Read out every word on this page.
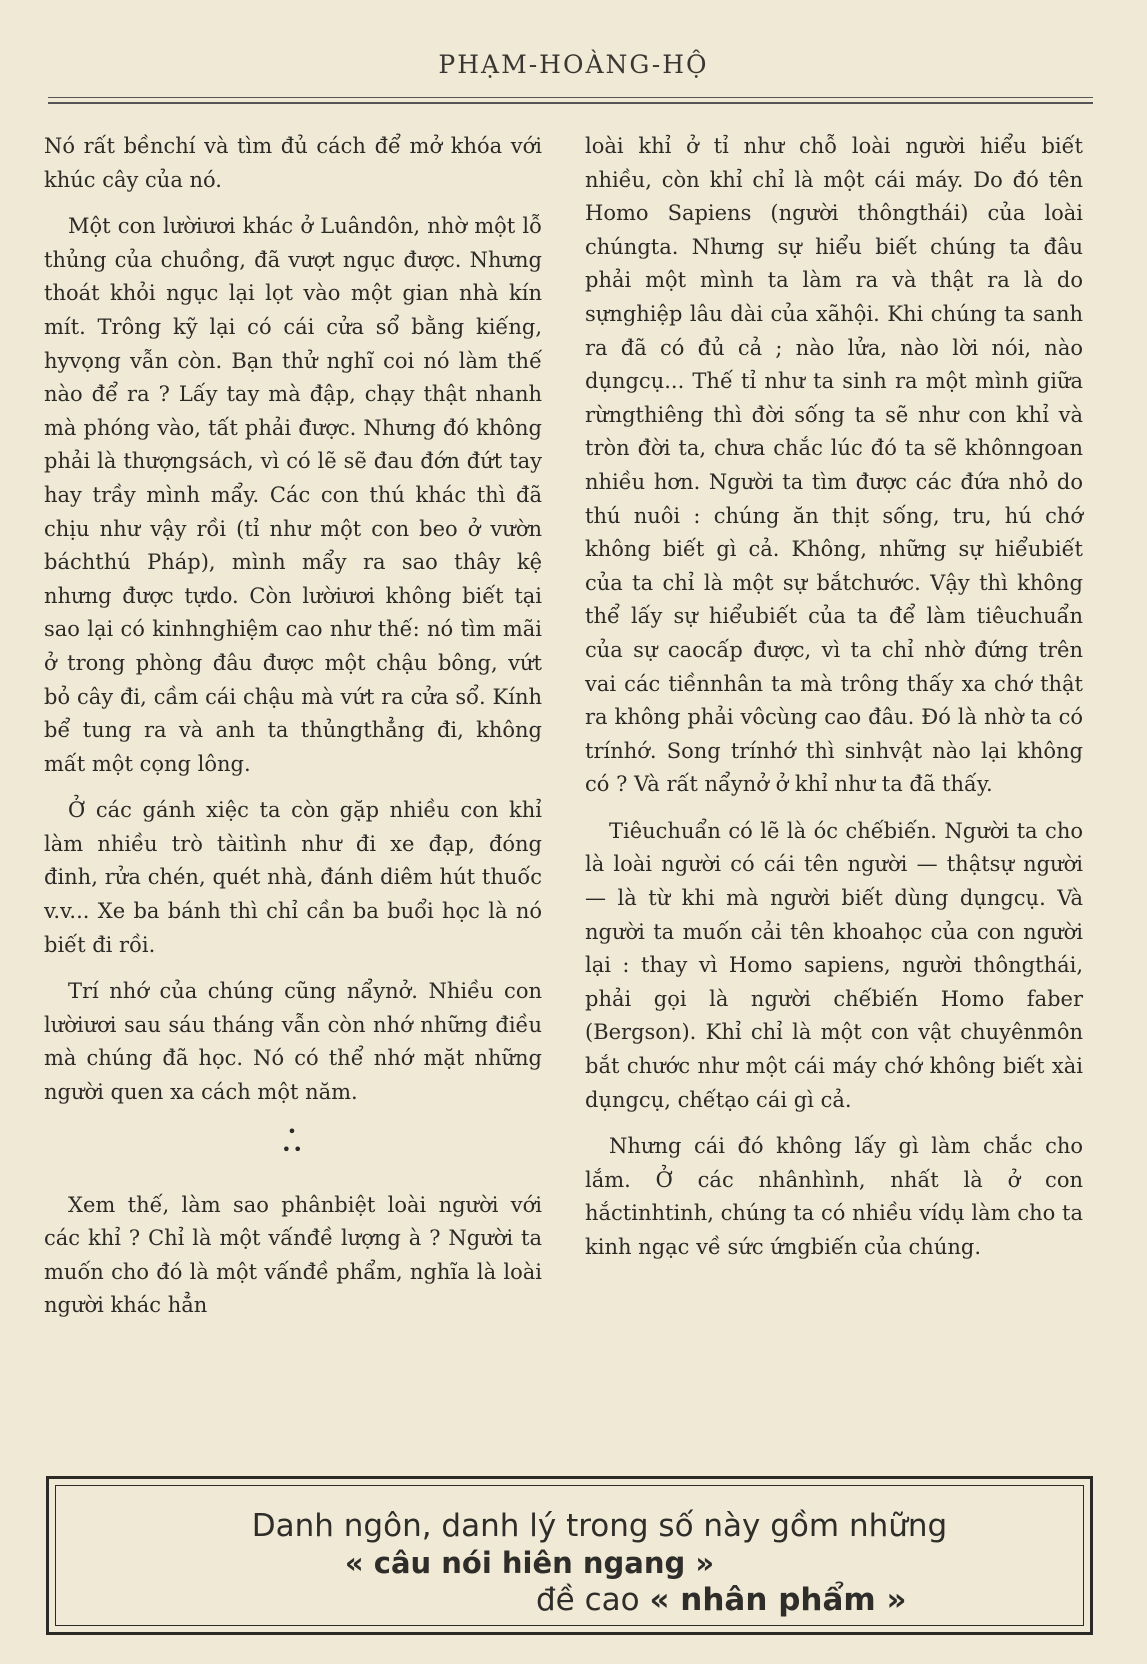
PHẠM-HOÀNG-HỘ

Nó rất bềnchí và tìm đủ cách để mở khóa với khúc cây của nó.

Một con lườiươi khác ở Luândôn, nhờ một lỗ thủng của chuồng, đã vượt ngục được. Nhưng thoát khỏi ngục lại lọt vào một gian nhà kín mít. Trông kỹ lại có cái cửa sổ bằng kiếng, hyvọng vẫn còn. Bạn thử nghĩ coi nó làm thế nào để ra ? Lấy tay mà đập, chạy thật nhanh mà phóng vào, tất phải được. Nhưng đó không phải là thượngsách, vì có lẽ sẽ đau đớn đứt tay hay trầy mình mẩy. Các con thú khác thì đã chịu như vậy rồi (tỉ như một con beo ở vườn báchthú Pháp), mình mẩy ra sao thây kệ nhưng được tựdo. Còn lườiươi không biết tại sao lại có kinhnghiệm cao như thế: nó tìm mãi ở trong phòng đâu được một chậu bông, vứt bỏ cây đi, cầm cái chậu mà vứt ra cửa sổ. Kính bể tung ra và anh ta thủngthẳng đi, không mất một cọng lông.

Ở các gánh xiệc ta còn gặp nhiều con khỉ làm nhiều trò tàitình như đi xe đạp, đóng đinh, rửa chén, quét nhà, đánh diêm hút thuốc v.v... Xe ba bánh thì chỉ cần ba buổi học là nó biết đi rồi.

Trí nhớ của chúng cũng nẩynở. Nhiều con lườiươi sau sáu tháng vẫn còn nhớ những điều mà chúng đã học. Nó có thể nhớ mặt những người quen xa cách một năm.

•
••

Xem thế, làm sao phânbiệt loài người với các khỉ ? Chỉ là một vấnđề lượng à ? Người ta muốn cho đó là một vấnđề phẩm, nghĩa là loài người khác hẳn

loài khỉ ở tỉ như chỗ loài người hiểu biết nhiều, còn khỉ chỉ là một cái máy. Do đó tên Homo Sapiens (người thôngthái) của loài chúngta. Nhưng sự hiểu biết chúng ta đâu phải một mình ta làm ra và thật ra là do sựnghiệp lâu dài của xãhội. Khi chúng ta sanh ra đã có đủ cả ; nào lửa, nào lời nói, nào dụngcụ... Thế tỉ như ta sinh ra một mình giữa rừngthiêng thì đời sống ta sẽ như con khỉ và tròn đời ta, chưa chắc lúc đó ta sẽ khônngoan nhiều hơn. Người ta tìm được các đứa nhỏ do thú nuôi : chúng ăn thịt sống, tru, hú chớ không biết gì cả. Không, những sự hiểubiết của ta chỉ là một sự bắtchước. Vậy thì không thể lấy sự hiểubiết của ta để làm tiêuchuẩn của sự caocấp được, vì ta chỉ nhờ đứng trên vai các tiềnnhân ta mà trông thấy xa chớ thật ra không phải vôcùng cao đâu. Đó là nhờ ta có trínhớ. Song trínhớ thì sinhvật nào lại không có ? Và rất nẩynở ở khỉ như ta đã thấy.

Tiêuchuẩn có lẽ là óc chếbiến. Người ta cho là loài người có cái tên người — thậtsự người — là từ khi mà người biết dùng dụngcụ. Và người ta muốn cải tên khoahọc của con người lại : thay vì Homo sapiens, người thôngthái, phải gọi là người chếbiến Homo faber (Bergson). Khỉ chỉ là một con vật chuyênmôn bắt chước như một cái máy chớ không biết xài dụngcụ, chếtạo cái gì cả.

Nhưng cái đó không lấy gì làm chắc cho lắm. Ở các nhânhình, nhất là ở con hắctinhtinh, chúng ta có nhiều vídụ làm cho ta kinh ngạc về sức ứngbiến của chúng.

Danh ngôn, danh lý trong số này gồm những
« câu nói hiên ngang »
đề cao « nhân phẩm »
